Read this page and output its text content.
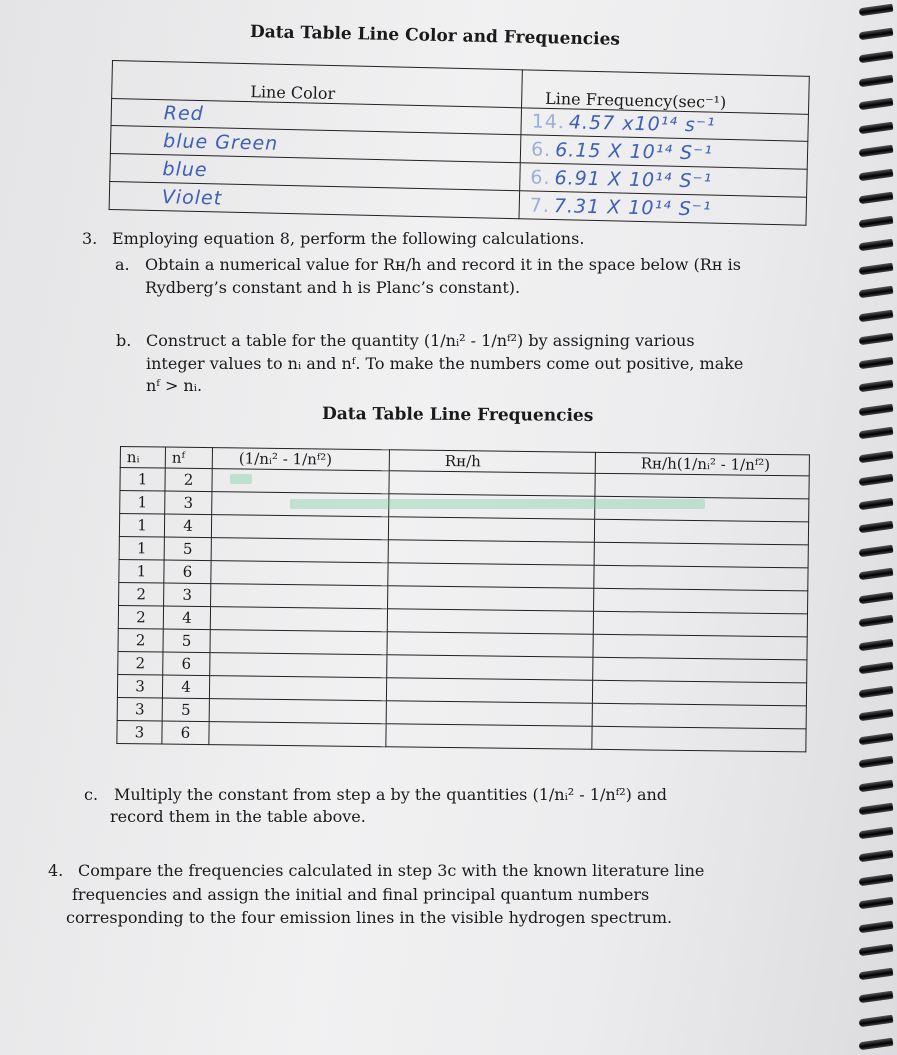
Data Table Line Color and Frequencies
Line Color	Line Frequency(sec⁻¹)
Red	14. 4.57 x10¹⁴ s⁻¹
blue Green	6. 6.15 X 10¹⁴ S⁻¹
blue	6. 6.91 X 10¹⁴ S⁻¹
Violet	7. 7.31 X 10¹⁴ S⁻¹
3. Employing equation 8, perform the following calculations.
a. Obtain a numerical value for Rʜ/h and record it in the space below (Rʜ is
Rydberg’s constant and h is Planc’s constant).
b. Construct a table for the quantity (1/nᵢ² - 1/nᶠ²) by assigning various
integer values to nᵢ and nᶠ. To make the numbers come out positive, make
nᶠ > nᵢ.
Data Table Line Frequencies
nᵢ	nᶠ	(1/nᵢ² - 1/nᶠ²)	Rʜ/h	Rʜ/h(1/nᵢ² - 1/nᶠ²)
1	2			
1	3			
1	4			
1	5			
1	6			
2	3			
2	4			
2	5			
2	6			
3	4			
3	5			
3	6			
c. Multiply the constant from step a by the quantities (1/nᵢ² - 1/nᶠ²) and
record them in the table above.
4. Compare the frequencies calculated in step 3c with the known literature line
frequencies and assign the initial and final principal quantum numbers
corresponding to the four emission lines in the visible hydrogen spectrum.
